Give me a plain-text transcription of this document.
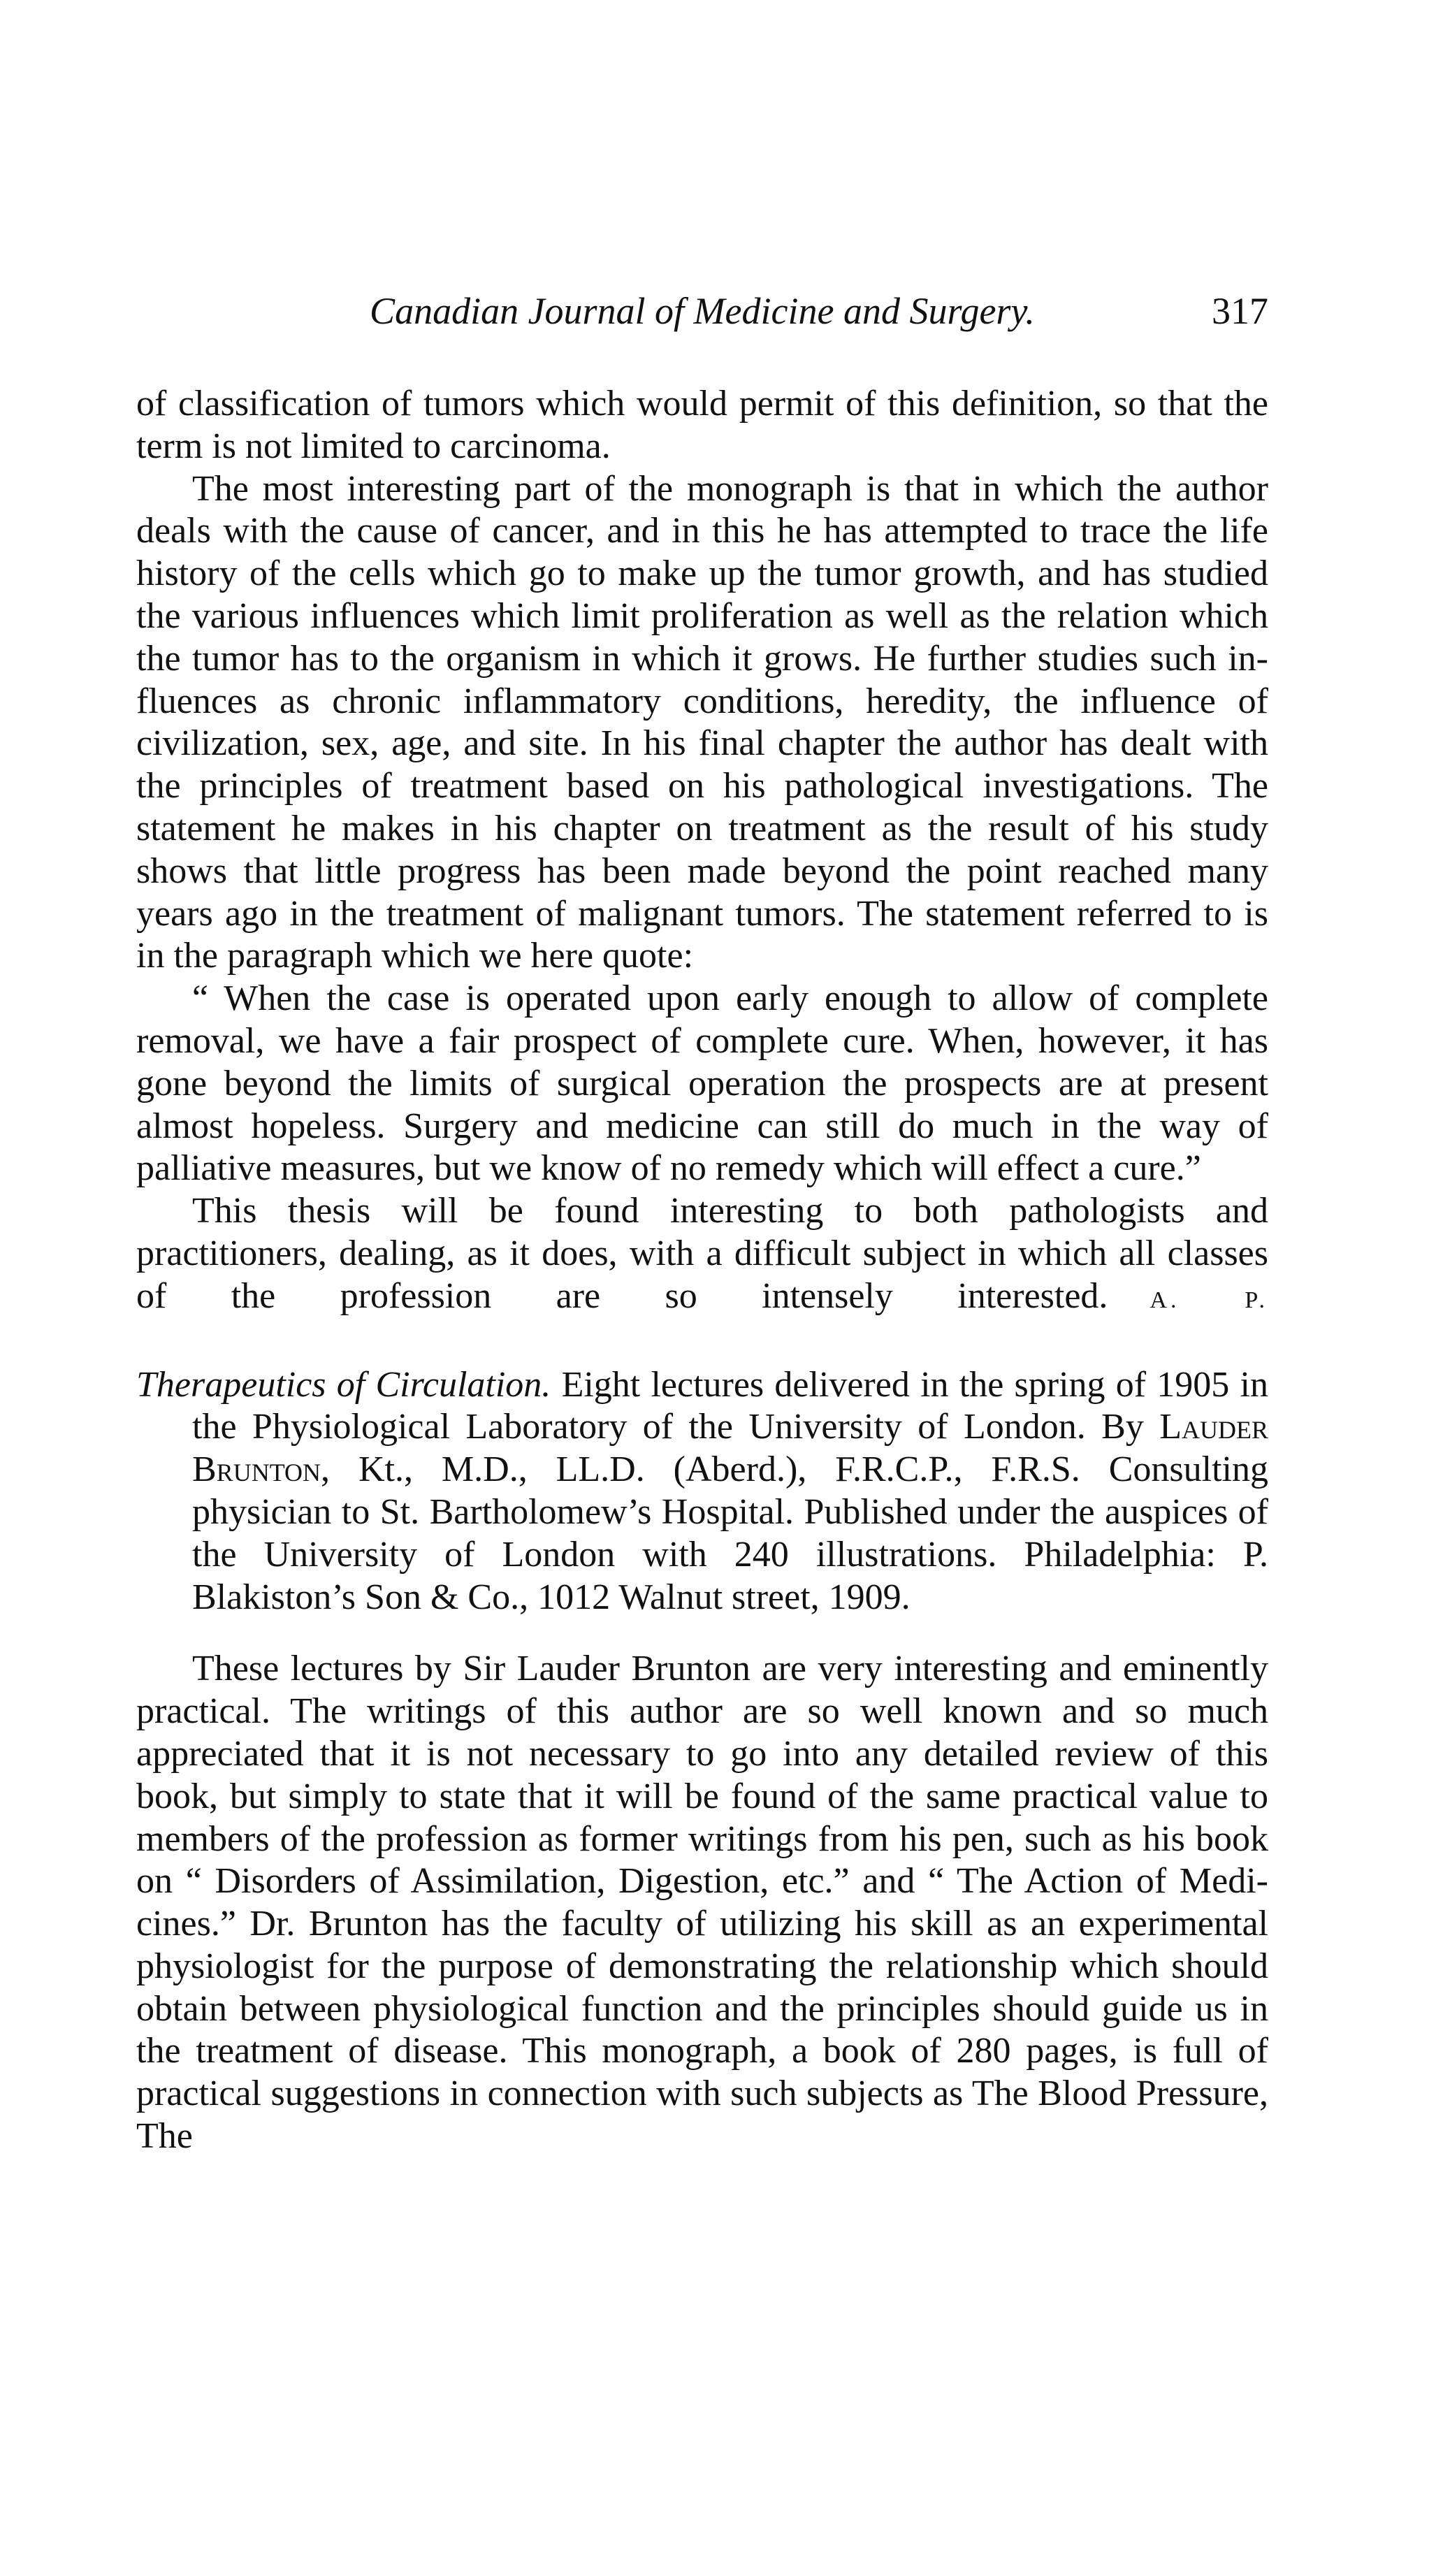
Canadian Journal of Medicine and Surgery.	317

of classification of tumors which would permit of this definition, so that the term is not limited to carcinoma.

The most interesting part of the monograph is that in which the author deals with the cause of cancer, and in this he has attempted to trace the life history of the cells which go to make up the tumor growth, and has studied the various influences which limit proliferation as well as the relation which the tumor has to the organism in which it grows. He further studies such influences as chronic inflammatory conditions, heredity, the influence of civilization, sex, age, and site. In his final chapter the author has dealt with the principles of treatment based on his pathological investigations. The statement he makes in his chapter on treatment as the result of his study shows that little progress has been made beyond the point reached many years ago in the treatment of malignant tumors. The statement referred to is in the paragraph which we here quote:

“ When the case is operated upon early enough to allow of complete removal, we have a fair prospect of complete cure. When, however, it has gone beyond the limits of surgical operation the prospects are at present almost hopeless. Surgery and medicine can still do much in the way of palliative measures, but we know of no remedy which will effect a cure.”

This thesis will be found interesting to both pathologists and practitioners, dealing, as it does, with a difficult subject in which all classes of the profession are so intensely interested. A. P.

Therapeutics of Circulation. Eight lectures delivered in the spring of 1905 in the Physiological Laboratory of the University of London. By Lauder Brunton, Kt., M.D., LL.D. (Aberd.), F.R.C.P., F.R.S. Consulting physician to St. Bartholomew’s Hospital. Published under the auspices of the University of London with 240 illustrations. Philadelphia: P. Blakiston’s Son & Co., 1012 Walnut street, 1909.

These lectures by Sir Lauder Brunton are very interesting and eminently practical. The writings of this author are so well known and so much appreciated that it is not necessary to go into any detailed review of this book, but simply to state that it will be found of the same practical value to members of the profession as former writings from his pen, such as his book on “ Disorders of Assimilation, Digestion, etc.” and “ The Action of Medicines.” Dr. Brunton has the faculty of utilizing his skill as an experimental physiologist for the purpose of demonstrating the relationship which should obtain between physiological function and the principles should guide us in the treatment of disease. This monograph, a book of 280 pages, is full of practical suggestions in connection with such subjects as The Blood Pressure, The
